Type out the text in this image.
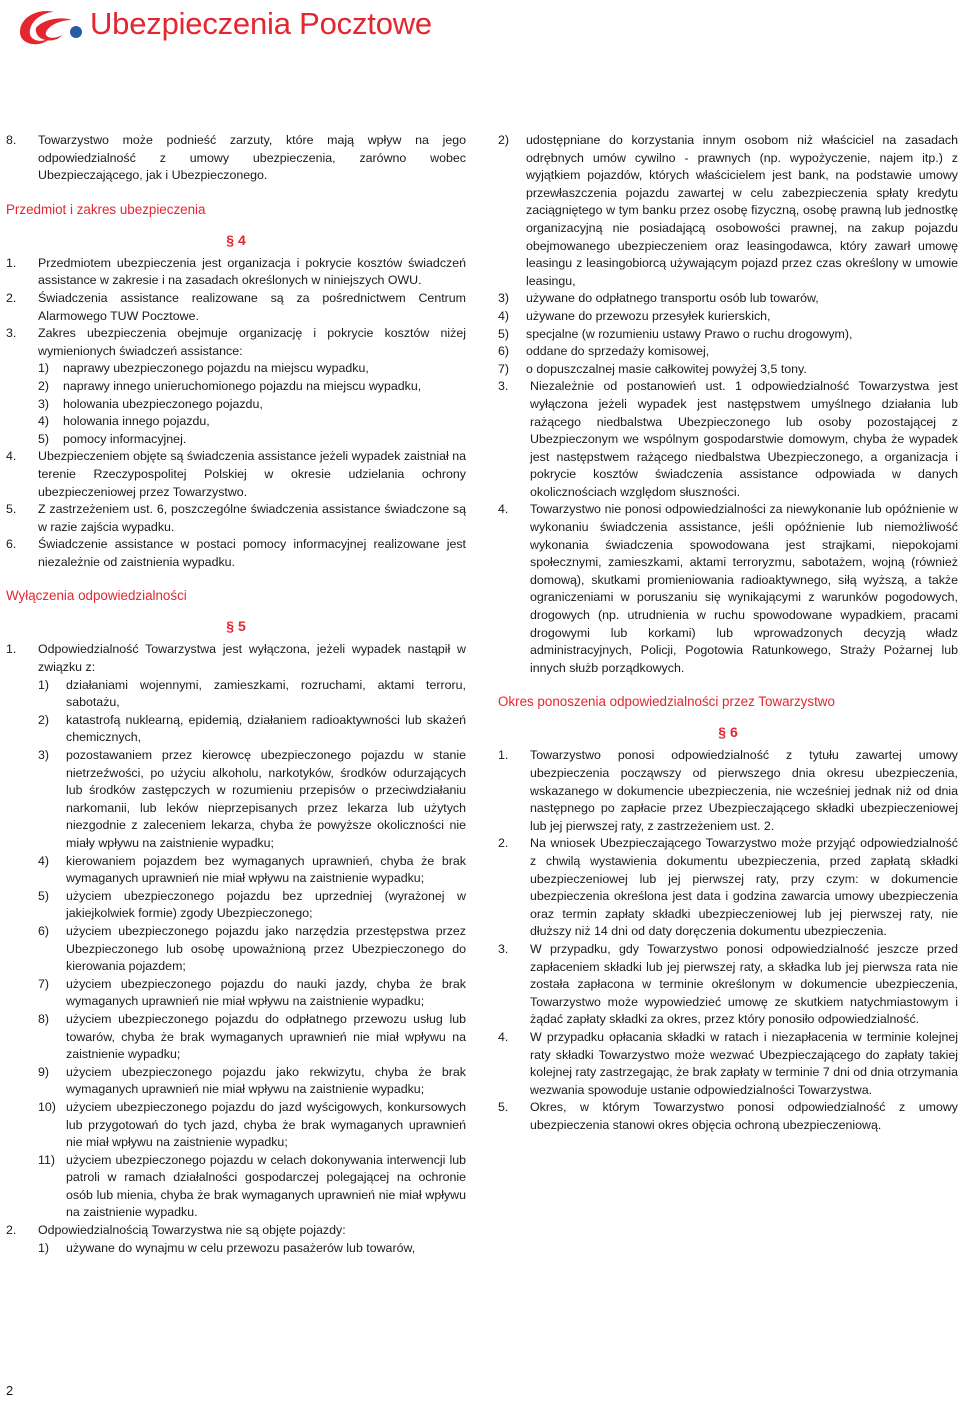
Ubezpieczenia Pocztowe
8.	Towarzystwo może podnieść zarzuty, które mają wpływ na jego odpowiedzialność z umowy ubezpieczenia, zarówno wobec Ubezpieczającego, jak i Ubezpieczonego.
Przedmiot i zakres ubezpieczenia
§ 4
1.	Przedmiotem ubezpieczenia jest organizacja i pokrycie kosztów świadczeń assistance w zakresie i na zasadach określonych w niniejszych OWU.
2.	Świadczenia assistance realizowane są za pośrednictwem Centrum Alarmowego TUW Pocztowe.
3.	Zakres ubezpieczenia obejmuje organizację i pokrycie kosztów niżej wymienionych świadczeń assistance:
1)	naprawy ubezpieczonego pojazdu na miejscu wypadku,
2)	naprawy innego unieruchomionego pojazdu na miejscu wypadku,
3)	holowania ubezpieczonego pojazdu,
4)	holowania innego pojazdu,
5)	pomocy informacyjnej.
4.	Ubezpieczeniem objęte są świadczenia assistance jeżeli wypadek zaistniał na terenie Rzeczypospolitej Polskiej w okresie udzielania ochrony ubezpieczeniowej przez Towarzystwo.
5.	Z zastrzeżeniem ust. 6, poszczególne świadczenia assistance świadczone są w razie zajścia wypadku.
6.	Świadczenie assistance w postaci pomocy informacyjnej realizowane jest niezależnie od zaistnienia wypadku.
Wyłączenia odpowiedzialności
§ 5
1.	Odpowiedzialność Towarzystwa jest wyłączona, jeżeli wypadek nastąpił w związku z:
1)	działaniami wojennymi, zamieszkami, rozruchami, aktami terroru, sabotażu,
2)	katastrofą nuklearną, epidemią, działaniem radioaktywności lub skażeń chemicznych,
3)	pozostawaniem przez kierowcę ubezpieczonego pojazdu w stanie nietrzeźwości, po użyciu alkoholu, narkotyków, środków odurzających lub środków zastępczych w rozumieniu przepisów o przeciwdziałaniu narkomanii, lub leków nieprzepisanych przez lekarza lub użytych niezgodnie z zaleceniem lekarza, chyba że powyższe okoliczności nie miały wpływu na zaistnienie wypadku;
4)	kierowaniem pojazdem bez wymaganych uprawnień, chyba że brak wymaganych uprawnień nie miał wpływu na zaistnienie wypadku;
5)	użyciem ubezpieczonego pojazdu bez uprzedniej (wyrażonej w jakiejkolwiek formie) zgody Ubezpieczonego;
6)	użyciem ubezpieczonego pojazdu jako narzędzia przestępstwa przez Ubezpieczonego lub osobę upoważnioną przez Ubezpieczonego do kierowania pojazdem;
7)	użyciem ubezpieczonego pojazdu do nauki jazdy, chyba że brak wymaganych uprawnień nie miał wpływu na zaistnienie wypadku;
8)	użyciem ubezpieczonego pojazdu do odpłatnego przewozu usług lub towarów, chyba że brak wymaganych uprawnień nie miał wpływu na zaistnienie wypadku;
9)	użyciem ubezpieczonego pojazdu jako rekwizytu, chyba że brak wymaganych uprawnień nie miał wpływu na zaistnienie wypadku;
10) użyciem ubezpieczonego pojazdu do jazd wyścigowych, konkursowych lub przygotowań do tych jazd, chyba że brak wymaganych uprawnień nie miał wpływu na zaistnienie wypadku;
11) użyciem ubezpieczonego pojazdu w celach dokonywania interwencji lub patroli w ramach działalności gospodarczej polegającej na ochronie osób lub mienia, chyba że brak wymaganych uprawnień nie miał wpływu na zaistnienie wypadku.
2.	Odpowiedzialnością Towarzystwa nie są objęte pojazdy:
1)	używane do wynajmu w celu przewozu pasażerów lub towarów,
2)	udostępniane do korzystania innym osobom niż właściciel na zasadach odrębnych umów cywilno - prawnych (np. wypożyczenie, najem itp.) z wyjątkiem pojazdów, których właścicielem jest bank, na podstawie umowy przewłaszczenia pojazdu zawartej w celu zabezpieczenia spłaty kredytu zaciągniętego w tym banku przez osobę fizyczną, osobę prawną lub jednostkę organizacyjną nie posiadającą osobowości prawnej, na zakup pojazdu obejmowanego ubezpieczeniem oraz leasingodawca, który zawarł umowę leasingu z leasingobiorcą używającym pojazd przez czas określony w umowie leasingu,
3)	używane do odpłatnego transportu osób lub towarów,
4)	używane do przewozu przesyłek kurierskich,
5)	specjalne (w rozumieniu ustawy Prawo o ruchu drogowym),
6)	oddane do sprzedaży komisowej,
7)	o dopuszczalnej masie całkowitej powyżej 3,5 tony.
3.	Niezależnie od postanowień ust. 1 odpowiedzialność Towarzystwa jest wyłączona jeżeli wypadek jest następstwem umyślnego działania lub rażącego niedbalstwa Ubezpieczonego lub osoby pozostającej z Ubezpieczonym we wspólnym gospodarstwie domowym, chyba że wypadek jest następstwem rażącego niedbalstwa Ubezpieczonego, a organizacja i pokrycie kosztów świadczenia assistance odpowiada w danych okolicznościach względom słuszności.
4.	Towarzystwo nie ponosi odpowiedzialności za niewykonanie lub opóźnienie w wykonaniu świadczenia assistance, jeśli opóźnienie lub niemożliwość wykonania świadczenia spowodowana jest strajkami, niepokojami społecznymi, zamieszkami, aktami terroryzmu, sabotażem, wojną (również domową), skutkami promieniowania radioaktywnego, siłą wyższą, a także ograniczeniami w poruszaniu się wynikającymi z warunków pogodowych, drogowych (np. utrudnienia w ruchu spowodowane wypadkiem, pracami drogowymi lub korkami) lub wprowadzonych decyzją władz administracyjnych, Policji, Pogotowia Ratunkowego, Straży Pożarnej lub innych służb porządkowych.
Okres ponoszenia odpowiedzialności przez Towarzystwo
§ 6
1.	Towarzystwo ponosi odpowiedzialność z tytułu zawartej umowy ubezpieczenia począwszy od pierwszego dnia okresu ubezpieczenia, wskazanego w dokumencie ubezpieczenia, nie wcześniej jednak niż od dnia następnego po zapłacie przez Ubezpieczającego składki ubezpieczeniowej lub jej pierwszej raty, z zastrzeżeniem ust. 2.
2.	Na wniosek Ubezpieczającego Towarzystwo może przyjąć odpowiedzialność z chwilą wystawienia dokumentu ubezpieczenia, przed zapłatą składki ubezpieczeniowej lub jej pierwszej raty, przy czym: w dokumencie ubezpieczenia określona jest data i godzina zawarcia umowy ubezpieczenia oraz termin zapłaty składki ubezpieczeniowej lub jej pierwszej raty, nie dłuższy niż 14 dni od daty doręczenia dokumentu ubezpieczenia.
3.	W przypadku, gdy Towarzystwo ponosi odpowiedzialność jeszcze przed zapłaceniem składki lub jej pierwszej raty, a składka lub jej pierwsza rata nie została zapłacona w terminie określonym w dokumencie ubezpieczenia, Towarzystwo może wypowiedzieć umowę ze skutkiem natychmiastowym i żądać zapłaty składki za okres, przez który ponosiło odpowiedzialność.
4.	W przypadku opłacania składki w ratach i niezapłacenia w terminie kolejnej raty składki Towarzystwo może wezwać Ubezpieczającego do zapłaty takiej kolejnej raty zastrzegając, że brak zapłaty w terminie 7 dni od dnia otrzymania wezwania spowoduje ustanie odpowiedzialności Towarzystwa.
5.	Okres, w którym Towarzystwo ponosi odpowiedzialność z umowy ubezpieczenia stanowi okres objęcia ochroną ubezpieczeniową.
2
